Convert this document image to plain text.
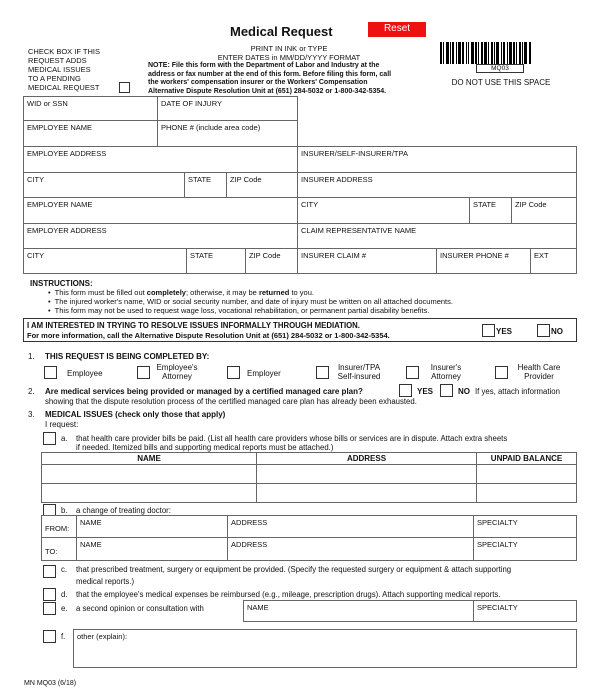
Medical Request	Reset
CHECK BOX IF THIS
REQUEST ADDS
MEDICAL ISSUES
TO A PENDING
MEDICAL REQUEST
PRINT IN INK or TYPE
ENTER DATES in MM/DD/YYYY FORMAT
NOTE: File this form with the Department of Labor and Industry at the
address or fax number at the end of this form. Before filing this form, call
the workers' compensation insurer or the Workers' Compensation
Alternative Dispute Resolution Unit at (651) 284-5032 or 1-800-342-5354.
MQ03
DO NOT USE THIS SPACE
WID or SSN	DATE OF INJURY
EMPLOYEE NAME	PHONE # (include area code)
EMPLOYEE ADDRESS	INSURER/SELF-INSURER/TPA
CITY	STATE	ZIP Code	INSURER ADDRESS
EMPLOYER NAME	CITY	STATE	ZIP Code
EMPLOYER ADDRESS	CLAIM REPRESENTATIVE NAME
CITY	STATE	ZIP Code	INSURER CLAIM #	INSURER PHONE #	EXT
INSTRUCTIONS:
•  This form must be filled out completely; otherwise, it may be returned to you.
•  The injured worker's name, WID or social security number, and date of injury must be written on all attached documents.
•  This form may not be used to request wage loss, vocational rehabilitation, or permanent partial disability benefits.
I AM INTERESTED IN TRYING TO RESOLVE ISSUES INFORMALLY THROUGH MEDIATION.
For more information, call the Alternative Dispute Resolution Unit at (651) 284-5032 or 1-800-342-5354.	YES	NO
1. THIS REQUEST IS BEING COMPLETED BY:
Employee
Employee's
Attorney	Employer
Insurer/TPA
Self-insured
Insurer's
Attorney
Health Care
Provider
2. Are medical services being provided or managed by a certified managed care plan?	YES	NO If yes, attach information
showing that the dispute resolution process of the certified managed care plan has already been exhausted.
3. MEDICAL ISSUES (check only those that apply)
I request:
a. that health care provider bills be paid. (List all health care providers whose bills or services are in dispute. Attach extra sheets
if needed. Itemized bills and supporting medical reports must be attached.)
NAME	ADDRESS	UNPAID BALANCE
b. a change of treating doctor:
FROM:
NAME	ADDRESS	SPECIALTY
TO:
NAME	ADDRESS	SPECIALTY
c. that prescribed treatment, surgery or equipment be provided. (Specify the requested surgery or equipment & attach supporting
medical reports.)
d. that the employee's medical expenses be reimbursed (e.g., mileage, prescription drugs). Attach supporting medical reports.
e. a second opinion or consultation with	NAME	SPECIALTY
f. other (explain):
MN MQ03 (6/18)
